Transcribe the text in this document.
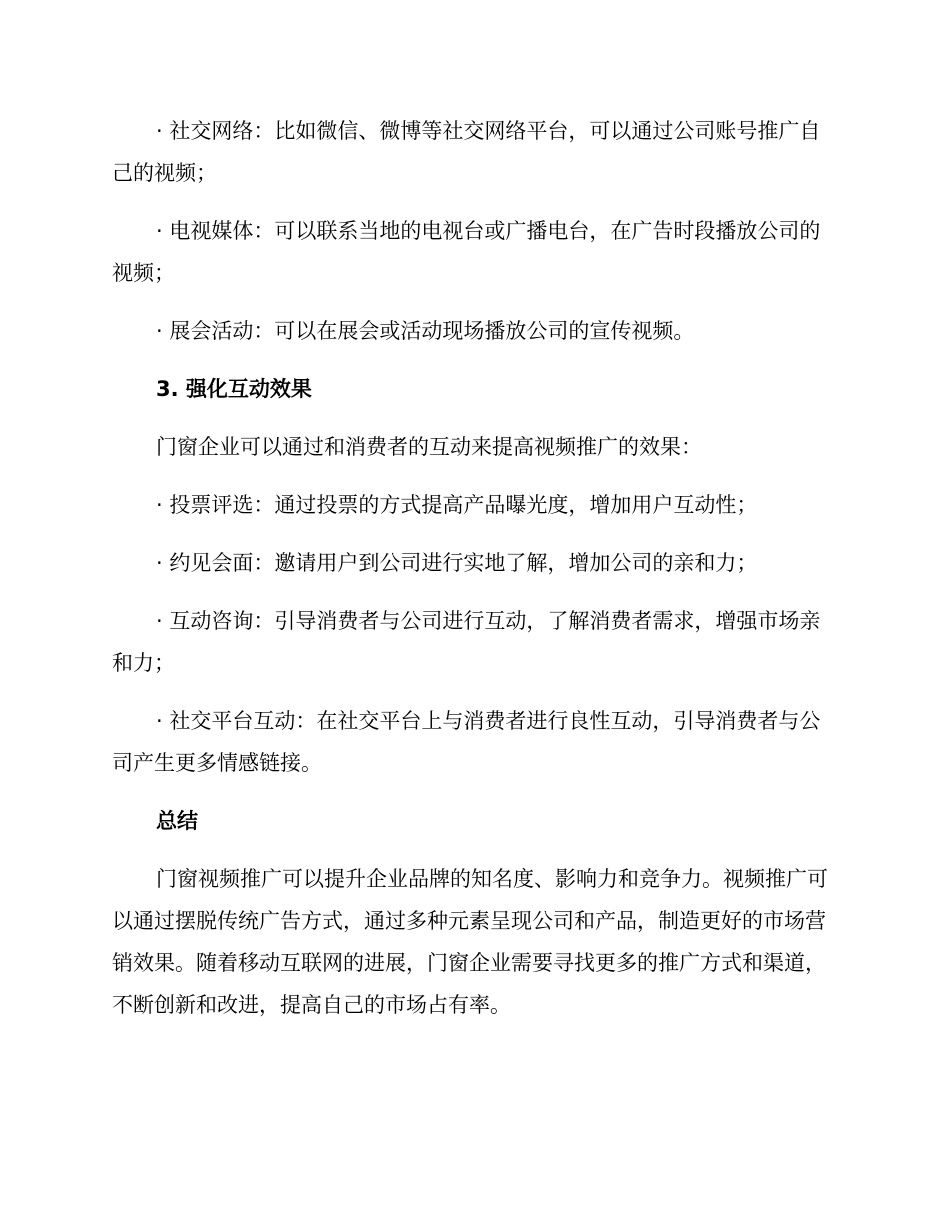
· 社交网络：比如微信、微博等社交网络平台，可以通过公司账号推广自己的视频；

· 电视媒体：可以联系当地的电视台或广播电台，在广告时段播放公司的视频；

· 展会活动：可以在展会或活动现场播放公司的宣传视频。

3. 强化互动效果

门窗企业可以通过和消费者的互动来提高视频推广的效果：

· 投票评选：通过投票的方式提高产品曝光度，增加用户互动性；

· 约见会面：邀请用户到公司进行实地了解，增加公司的亲和力；

· 互动咨询：引导消费者与公司进行互动，了解消费者需求，增强市场亲和力；

· 社交平台互动：在社交平台上与消费者进行良性互动，引导消费者与公司产生更多情感链接。

总结

门窗视频推广可以提升企业品牌的知名度、影响力和竞争力。视频推广可以通过摆脱传统广告方式，通过多种元素呈现公司和产品，制造更好的市场营销效果。随着移动互联网的进展，门窗企业需要寻找更多的推广方式和渠道，不断创新和改进，提高自己的市场占有率。
